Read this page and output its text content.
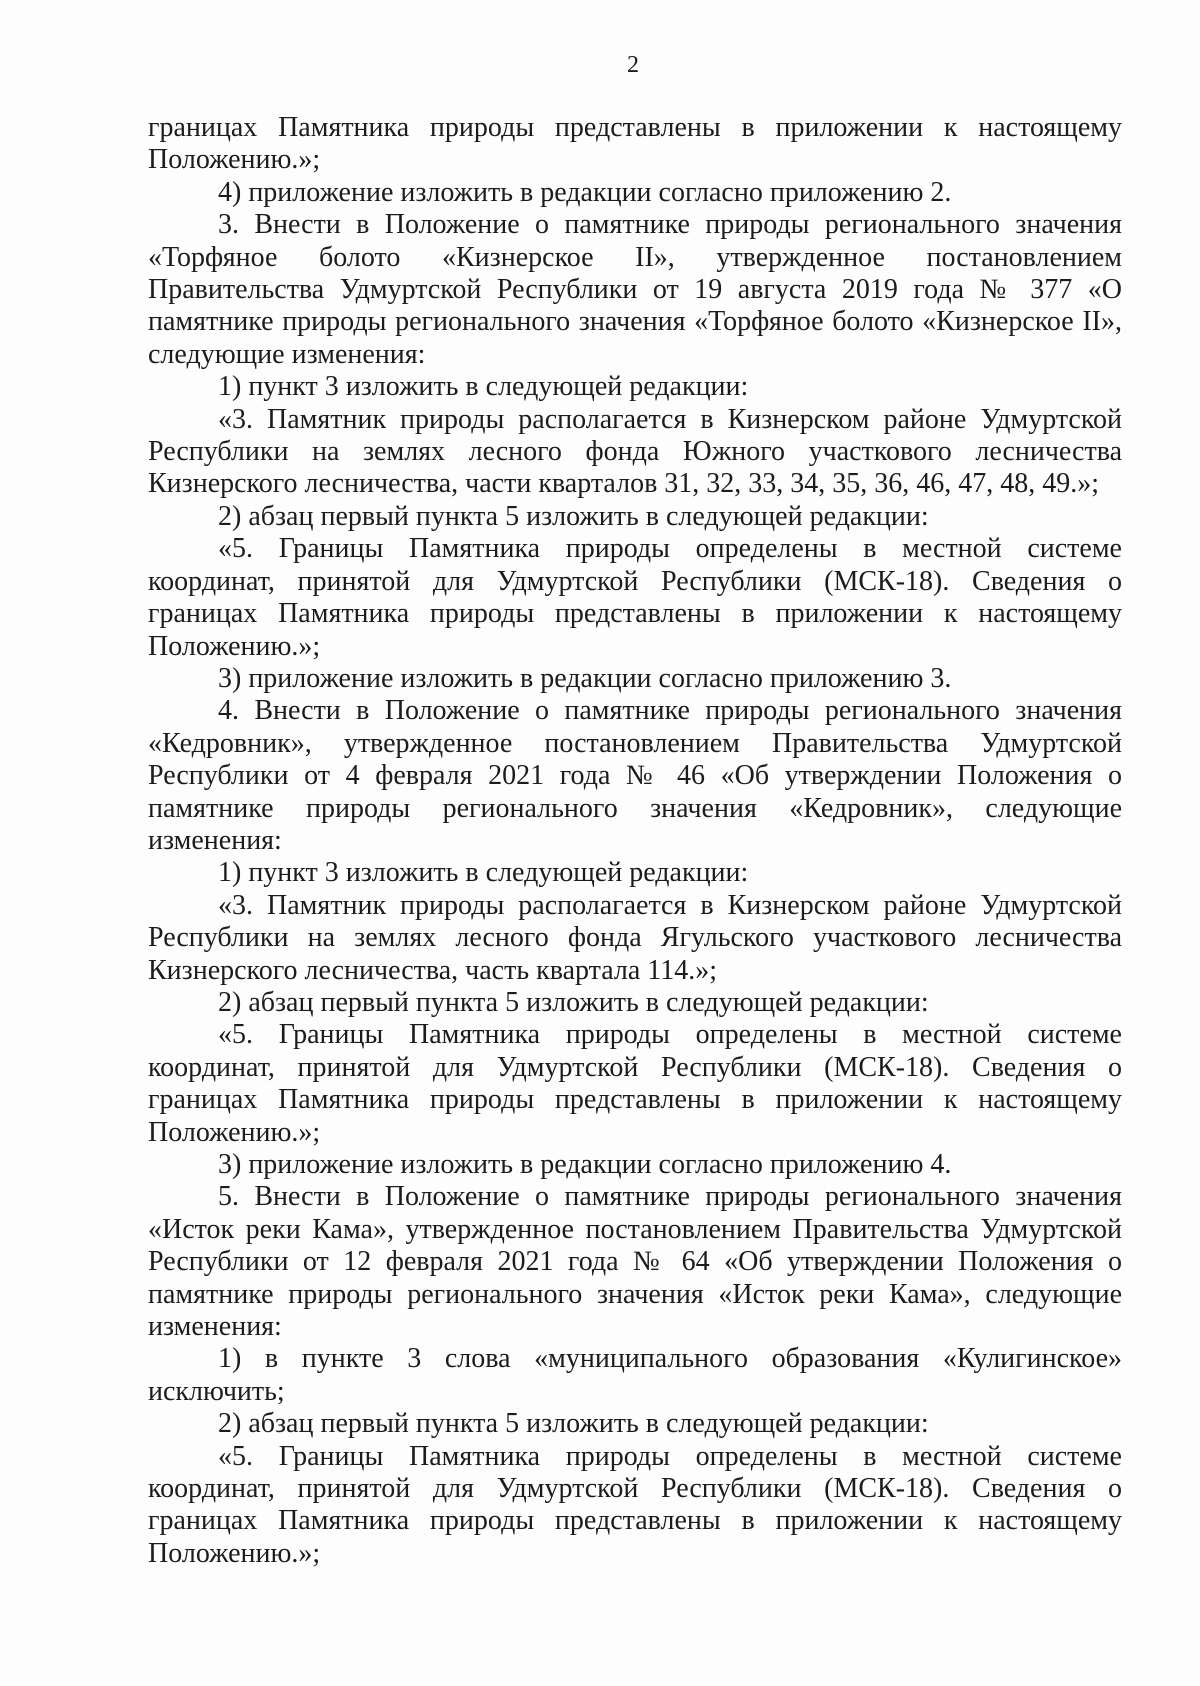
2

границах Памятника природы представлены в приложении к настоящему Положению.»;

4) приложение изложить в редакции согласно приложению 2.

3. Внести в Положение о памятнике природы регионального значения «Торфяное болото «Кизнерское II», утвержденное постановлением Правительства Удмуртской Республики от 19 августа 2019 года № 377 «О памятнике природы регионального значения «Торфяное болото «Кизнерское II», следующие изменения:

1) пункт 3 изложить в следующей редакции:

«3. Памятник природы располагается в Кизнерском районе Удмуртской Республики на землях лесного фонда Южного участкового лесничества Кизнерского лесничества, части кварталов 31, 32, 33, 34, 35, 36, 46, 47, 48, 49.»;

2) абзац первый пункта 5 изложить в следующей редакции:

«5. Границы Памятника природы определены в местной системе координат, принятой для Удмуртской Республики (МСК-18). Сведения о границах Памятника природы представлены в приложении к настоящему Положению.»;

3) приложение изложить в редакции согласно приложению 3.

4. Внести в Положение о памятнике природы регионального значения «Кедровник», утвержденное постановлением Правительства Удмуртской Республики от 4 февраля 2021 года № 46 «Об утверждении Положения о памятнике природы регионального значения «Кедровник», следующие изменения:

1) пункт 3 изложить в следующей редакции:

«3. Памятник природы располагается в Кизнерском районе Удмуртской Республики на землях лесного фонда Ягульского участкового лесничества Кизнерского лесничества, часть квартала 114.»;

2) абзац первый пункта 5 изложить в следующей редакции:

«5. Границы Памятника природы определены в местной системе координат, принятой для Удмуртской Республики (МСК-18). Сведения о границах Памятника природы представлены в приложении к настоящему Положению.»;

3) приложение изложить в редакции согласно приложению 4.

5. Внести в Положение о памятнике природы регионального значения «Исток реки Кама», утвержденное постановлением Правительства Удмуртской Республики от 12 февраля 2021 года № 64 «Об утверждении Положения о памятнике природы регионального значения «Исток реки Кама», следующие изменения:

1) в пункте 3 слова «муниципального образования «Кулигинское» исключить;

2) абзац первый пункта 5 изложить в следующей редакции:

«5. Границы Памятника природы определены в местной системе координат, принятой для Удмуртской Республики (МСК-18). Сведения о границах Памятника природы представлены в приложении к настоящему Положению.»;
